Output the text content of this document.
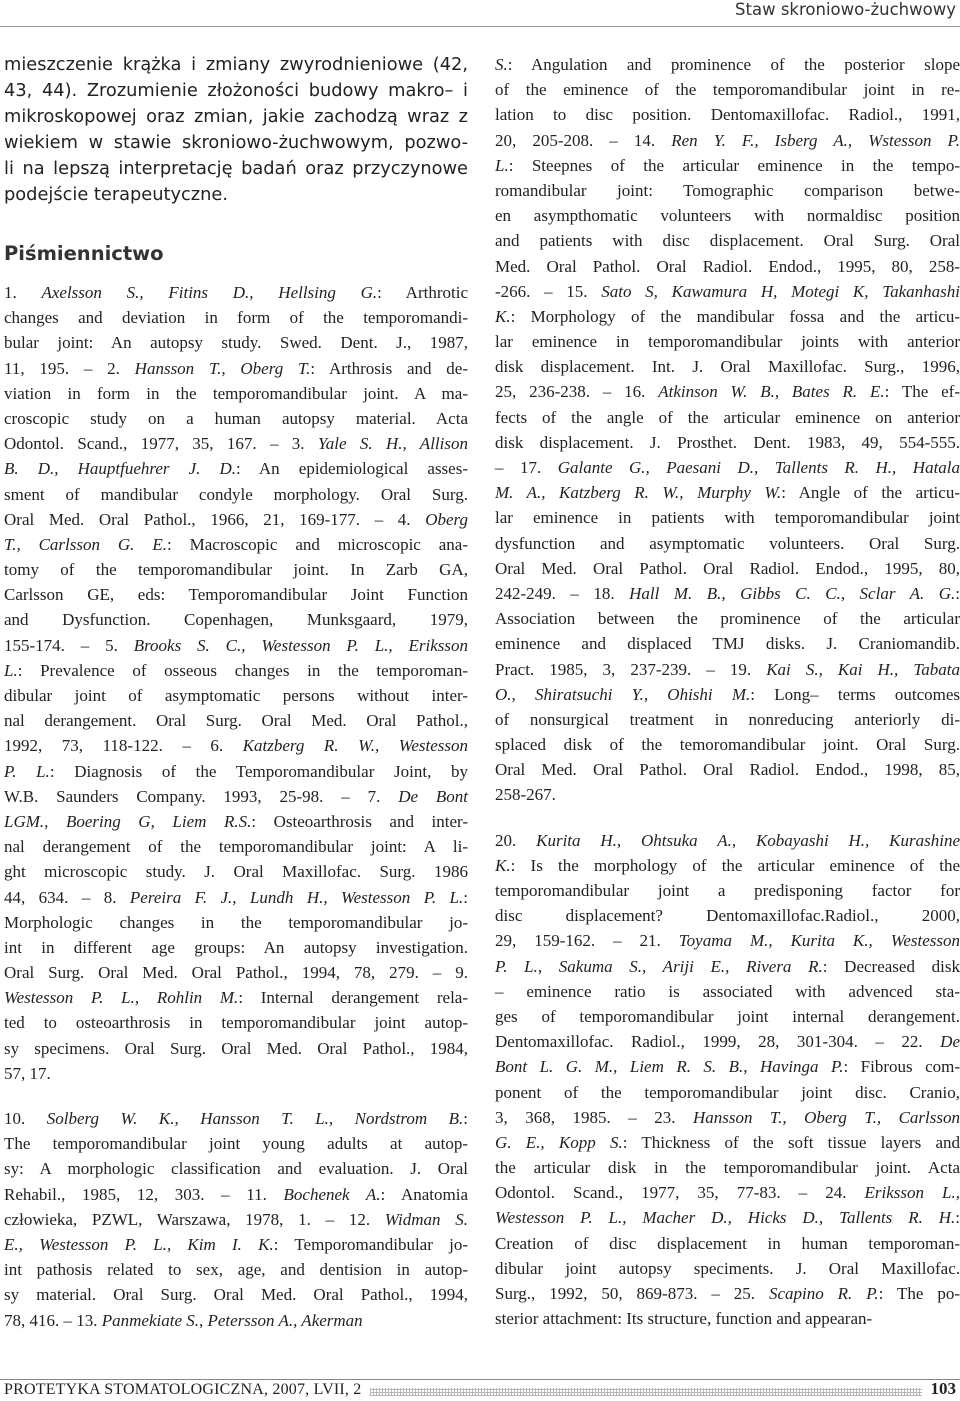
Staw skroniowo-żuchwowy
mieszczenie krążka i zmiany zwyrodnieniowe (42,
43, 44). Zrozumienie złożoności budowy makro– i
mikroskopowej oraz zmian, jakie zachodzą wraz z
wiekiem w stawie skroniowo-żuchwowym, pozwo-
li na lepszą interpretację badań oraz przyczynowe
podejście terapeutyczne.
Piśmiennictwo
1. Axelsson S., Fitins D., Hellsing G.: Arthrotic
changes and deviation in form of the temporomandi-
bular joint: An autopsy study. Swed. Dent. J., 1987,
11, 195. – 2. Hansson T., Oberg T.: Arthrosis and de-
viation in form in the temporomandibular joint. A ma-
croscopic study on a human autopsy material. Acta
Odontol. Scand., 1977, 35, 167. – 3. Yale S. H., Allison
B. D., Hauptfuehrer J. D.: An epidemiological asses-
sment of mandibular condyle morphology. Oral Surg.
Oral Med. Oral Pathol., 1966, 21, 169-177. – 4. Oberg
T., Carlsson G. E.: Macroscopic and microscopic ana-
tomy of the temporomandibular joint. In Zarb GA,
Carlsson GE, eds: Temporomandibular Joint Function
and Dysfunction. Copenhagen, Munksgaard, 1979,
155-174. – 5. Brooks S. C., Westesson P. L., Eriksson
L.: Prevalence of osseous changes in the temporoman-
dibular joint of asymptomatic persons without inter-
nal derangement. Oral Surg. Oral Med. Oral Pathol.,
1992, 73, 118-122. – 6. Katzberg R. W., Westesson
P. L.: Diagnosis of the Temporomandibular Joint, by
W.B. Saunders Company. 1993, 25-98. – 7. De Bont
LGM., Boering G, Liem R.S.: Osteoarthrosis and inter-
nal derangement of the temporomandibular joint: A li-
ght microscopic study. J. Oral Maxillofac. Surg. 1986
44, 634. – 8. Pereira F. J., Lundh H., Westesson P. L.:
Morphologic changes in the temporomandibular jo-
int in different age groups: An autopsy investigation.
Oral Surg. Oral Med. Oral Pathol., 1994, 78, 279. – 9.
Westesson P. L., Rohlin M.: Internal derangement rela-
ted to osteoarthrosis in temporomandibular joint autop-
sy specimens. Oral Surg. Oral Med. Oral Pathol., 1984,
57, 17.
10. Solberg W. K., Hansson T. L., Nordstrom B.:
The temporomandibular joint young adults at autop-
sy: A morphologic classification and evaluation. J. Oral
Rehabil., 1985, 12, 303. – 11. Bochenek A.: Anatomia
człowieka, PZWL, Warszawa, 1978, 1. – 12. Widman S.
E., Westesson P. L., Kim I. K.: Temporomandibular jo-
int pathosis related to sex, age, and dentision in autop-
sy material. Oral Surg. Oral Med. Oral Pathol., 1994,
78, 416. – 13. Panmekiate S., Petersson A., Akerman
S.: Angulation and prominence of the posterior slope
of the eminence of the temporomandibular joint in re-
lation to disc position. Dentomaxillofac. Radiol., 1991,
20, 205-208. – 14. Ren Y. F., Isberg A., Wstesson P.
L.: Steepnes of the articular eminence in the tempo-
romandibular joint: Tomographic comparison betwe-
en asympthomatic volunteers with normaldisc position
and patients with disc displacement. Oral Surg. Oral
Med. Oral Pathol. Oral Radiol. Endod., 1995, 80, 258-
-266. – 15. Sato S, Kawamura H, Motegi K, Takanhashi
K.: Morphology of the mandibular fossa and the articu-
lar eminence in temporomandibular joints with anterior
disk displacement. Int. J. Oral Maxillofac. Surg., 1996,
25, 236-238. – 16. Atkinson W. B., Bates R. E.: The ef-
fects of the angle of the articular eminence on anterior
disk displacement. J. Prosthet. Dent. 1983, 49, 554-555.
– 17. Galante G., Paesani D., Tallents R. H., Hatala
M. A., Katzberg R. W., Murphy W.: Angle of the articu-
lar eminence in patients with temporomandibular joint
dysfunction and asymptomatic volunteers. Oral Surg.
Oral Med. Oral Pathol. Oral Radiol. Endod., 1995, 80,
242-249. – 18. Hall M. B., Gibbs C. C., Sclar A. G.:
Association between the prominence of the articular
eminence and displaced TMJ disks. J. Craniomandib.
Pract. 1985, 3, 237-239. – 19. Kai S., Kai H., Tabata
O., Shiratsuchi Y., Ohishi M.: Long– terms outcomes
of nonsurgical treatment in nonreducing anteriorly di-
splaced disk of the temoromandibular joint. Oral Surg.
Oral Med. Oral Pathol. Oral Radiol. Endod., 1998, 85,
258-267.
20. Kurita H., Ohtsuka A., Kobayashi H., Kurashine
K.: Is the morphology of the articular eminence of the
temporomandibular joint a predisponing factor for
disc displacement? Dentomaxillofac.Radiol., 2000,
29, 159-162. – 21. Toyama M., Kurita K., Westesson
P. L., Sakuma S., Ariji E., Rivera R.: Decreased disk
– eminence ratio is associated with advenced sta-
ges of temporomandibular joint internal derangement.
Dentomaxillofac. Radiol., 1999, 28, 301-304. – 22. De
Bont L. G. M., Liem R. S. B., Havinga P.: Fibrous com-
ponent of the temporomandibular joint disc. Cranio,
3, 368, 1985. – 23. Hansson T., Oberg T., Carlsson
G. E., Kopp S.: Thickness of the soft tissue layers and
the articular disk in the temporomandibular joint. Acta
Odontol. Scand., 1977, 35, 77-83. – 24. Eriksson L.,
Westesson P. L., Macher D., Hicks D., Tallents R. H.:
Creation of disc displacement in human temporoman-
dibular joint autopsy speciments. J. Oral Maxillofac.
Surg., 1992, 50, 869-873. – 25. Scapino R. P.: The po-
sterior attachment: Its structure, function and appearan-
PROTETYKA STOMATOLOGICZNA, 2007, LVII, 2	103
